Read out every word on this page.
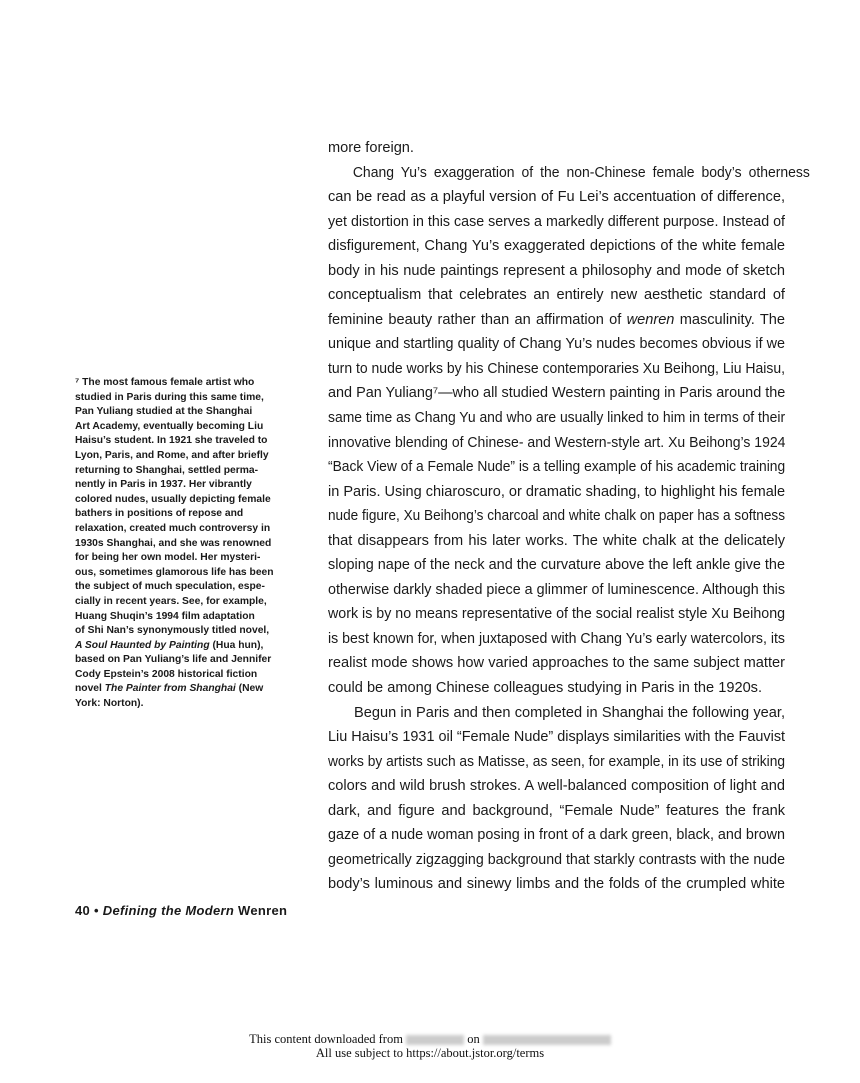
more foreign.
Chang Yu’s exaggeration of the non-Chinese female body’s otherness
can be read as a playful version of Fu Lei’s accentuation of difference,
yet distortion in this case serves a markedly different purpose. Instead of
disfigurement, Chang Yu’s exaggerated depictions of the white female
body in his nude paintings represent a philosophy and mode of sketch
conceptualism that celebrates an entirely new aesthetic standard of
feminine beauty rather than an affirmation of wenren masculinity. The
unique and startling quality of Chang Yu’s nudes becomes obvious if we
turn to nude works by his Chinese contemporaries Xu Beihong, Liu Haisu,
and Pan Yuliang⁷—who all studied Western painting in Paris around the
same time as Chang Yu and who are usually linked to him in terms of their
innovative blending of Chinese- and Western-style art. Xu Beihong’s 1924
“Back View of a Female Nude” is a telling example of his academic training
in Paris. Using chiaroscuro, or dramatic shading, to highlight his female
nude figure, Xu Beihong’s charcoal and white chalk on paper has a softness
that disappears from his later works. The white chalk at the delicately
sloping nape of the neck and the curvature above the left ankle give the
otherwise darkly shaded piece a glimmer of luminescence. Although this
work is by no means representative of the social realist style Xu Beihong
is best known for, when juxtaposed with Chang Yu’s early watercolors, its
realist mode shows how varied approaches to the same subject matter
could be among Chinese colleagues studying in Paris in the 1920s.
Begun in Paris and then completed in Shanghai the following year,
Liu Haisu’s 1931 oil “Female Nude” displays similarities with the Fauvist
works by artists such as Matisse, as seen, for example, in its use of striking
colors and wild brush strokes. A well-balanced composition of light and
dark, and figure and background, “Female Nude” features the frank
gaze of a nude woman posing in front of a dark green, black, and brown
geometrically zigzagging background that starkly contrasts with the nude
body’s luminous and sinewy limbs and the folds of the crumpled white
⁷ The most famous female artist who
studied in Paris during this same time,
Pan Yuliang studied at the Shanghai
Art Academy, eventually becoming Liu
Haisu’s student. In 1921 she traveled to
Lyon, Paris, and Rome, and after briefly
returning to Shanghai, settled perma-
nently in Paris in 1937. Her vibrantly
colored nudes, usually depicting female
bathers in positions of repose and
relaxation, created much controversy in
1930s Shanghai, and she was renowned
for being her own model. Her mysteri-
ous, sometimes glamorous life has been
the subject of much speculation, espe-
cially in recent years. See, for example,
Huang Shuqin’s 1994 film adaptation
of Shi Nan’s synonymously titled novel,
A Soul Haunted by Painting (Hua hun),
based on Pan Yuliang’s life and Jennifer
Cody Epstein’s 2008 historical fiction
novel The Painter from Shanghai (New
York: Norton).
40 • Defining the Modern Wenren
This content downloaded from	on
All use subject to https://about.jstor.org/terms
